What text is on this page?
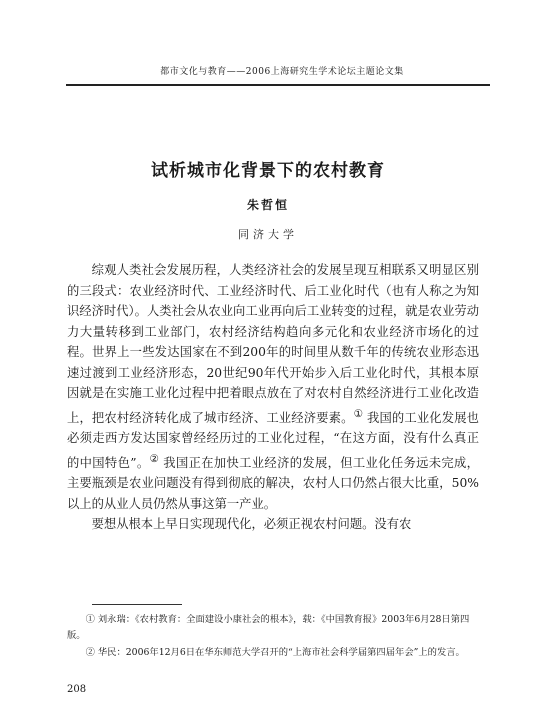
都市文化与教育——2006上海研究生学术论坛主题论文集
试析城市化背景下的农村教育
朱哲恒
同济大学

综观人类社会发展历程，人类经济社会的发展呈现互相联系又明显区别的三段式：农业经济时代、工业经济时代、后工业化时代（也有人称之为知识经济时代）。人类社会从农业向工业再向后工业转变的过程，就是农业劳动力大量转移到工业部门，农村经济结构趋向多元化和农业经济市场化的过程。世界上一些发达国家在不到200年的时间里从数千年的传统农业形态迅速过渡到工业经济形态，20世纪90年代开始步入后工业化时代，其根本原因就是在实施工业化过程中把着眼点放在了对农村自然经济进行工业化改造上，把农村经济转化成了城市经济、工业经济要素。① 我国的工业化发展也必须走西方发达国家曾经经历过的工业化过程，“在这方面，没有什么真正的中国特色”。② 我国正在加快工业经济的发展，但工业化任务远未完成，主要瓶颈是农业问题没有得到彻底的解决，农村人口仍然占很大比重，50%以上的从业人员仍然从事这第一产业。

要想从根本上早日实现现代化，必须正视农村问题。没有农

① 刘永瑞：《农村教育：全面建设小康社会的根本》，载：《中国教育报》2003年6月28日第四版。

② 华民：2006年12月6日在华东师范大学召开的“上海市社会科学届第四届年会”上的发言。

208
